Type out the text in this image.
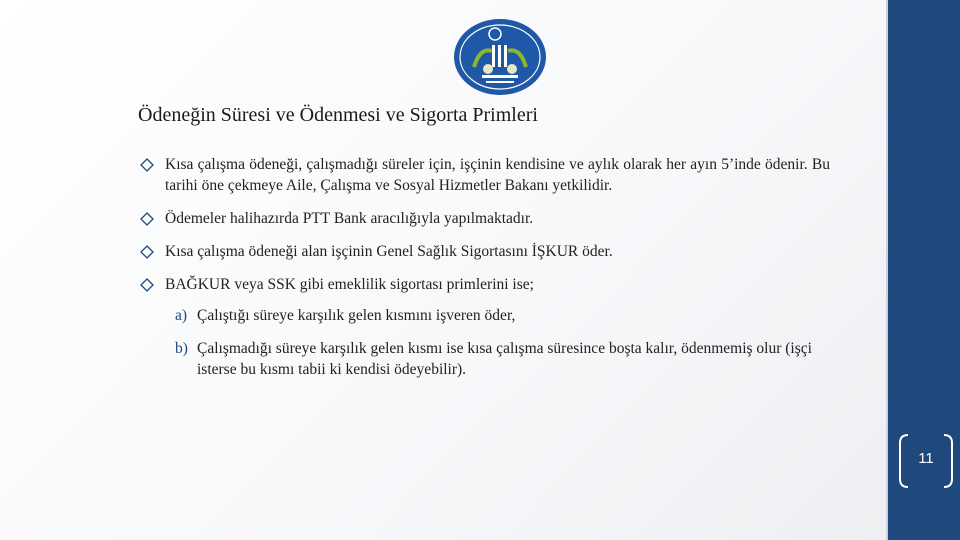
11
Ödeneğin Süresi ve Ödenmesi ve Sigorta Primleri
Kısa çalışma ödeneği, çalışmadığı süreler için, işçinin kendisine ve aylık olarak her ayın 5’inde ödenir. Bu tarihi öne çekmeye Aile, Çalışma ve Sosyal Hizmetler Bakanı yetkilidir.
Ödemeler halihazırda PTT Bank aracılığıyla yapılmaktadır.
Kısa çalışma ödeneği alan işçinin Genel Sağlık Sigortasını İŞKUR öder.
BAĞKUR veya SSK gibi emeklilik sigortası primlerini ise;
a) Çalıştığı süreye karşılık gelen kısmını işveren öder,
b) Çalışmadığı süreye karşılık gelen kısmı ise kısa çalışma süresince boşta kalır, ödenmemiş olur (işçi isterse bu kısmı tabii ki kendisi ödeyebilir).
